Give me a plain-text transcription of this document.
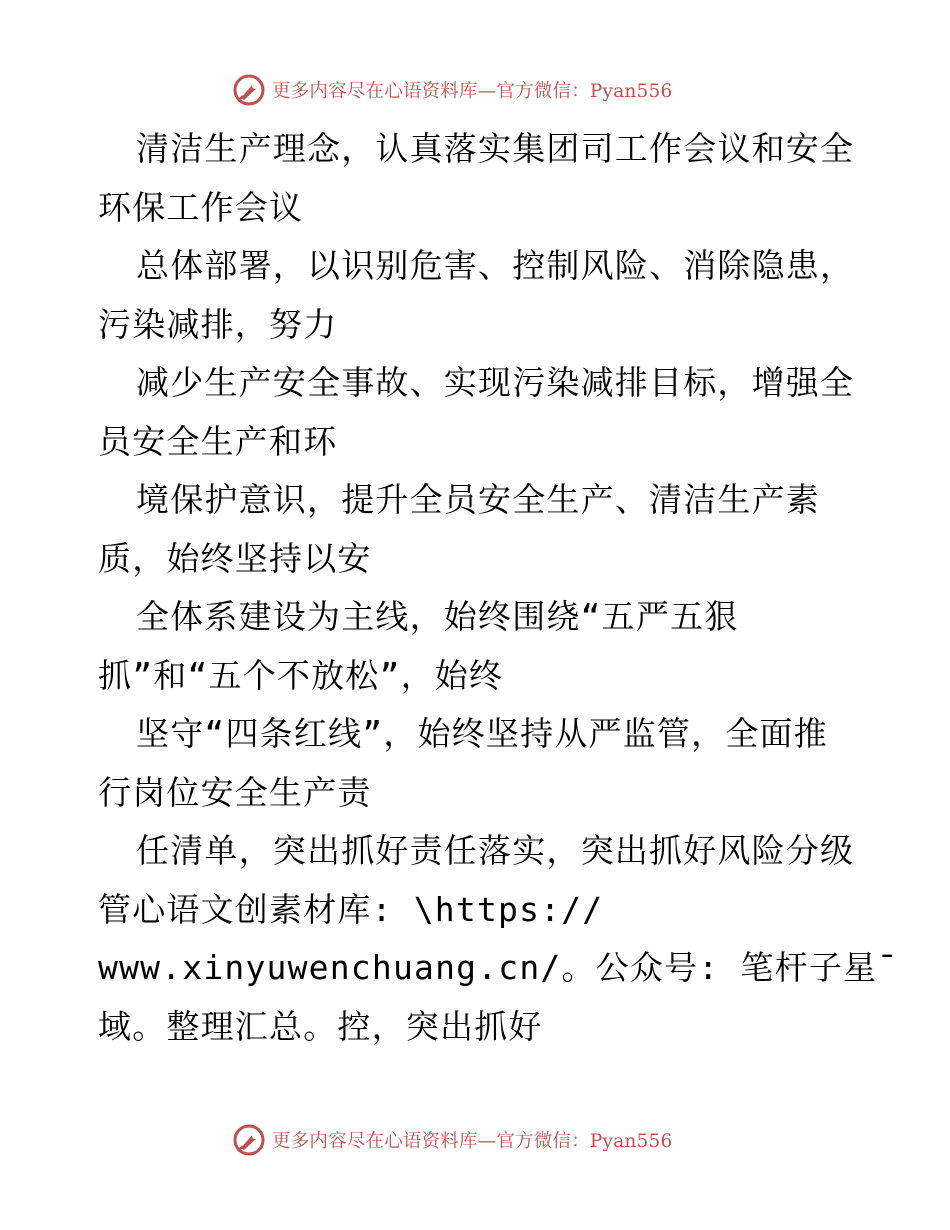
更多内容尽在心语资料库—官方微信：Pyan556
清洁生产理念，认真落实集团司工作会议和安全
环保工作会议
总体部署，以识别危害、控制风险、消除隐患，
污染减排，努力
减少生产安全事故、实现污染减排目标，增强全
员安全生产和环
境保护意识，提升全员安全生产、清洁生产素
质，始终坚持以安
全体系建设为主线，始终围绕“五严五狠
抓”和“五个不放松”，始终
坚守“四条红线”，始终坚持从严监管，全面推
行岗位安全生产责
任清单，突出抓好责任落实，突出抓好风险分级
管心语文创素材库: \https://
www.xinyuwenchuang.cn/。公众号: 笔杆子星¯
域。整理汇总。控，突出抓好
更多内容尽在心语资料库—官方微信：Pyan556
